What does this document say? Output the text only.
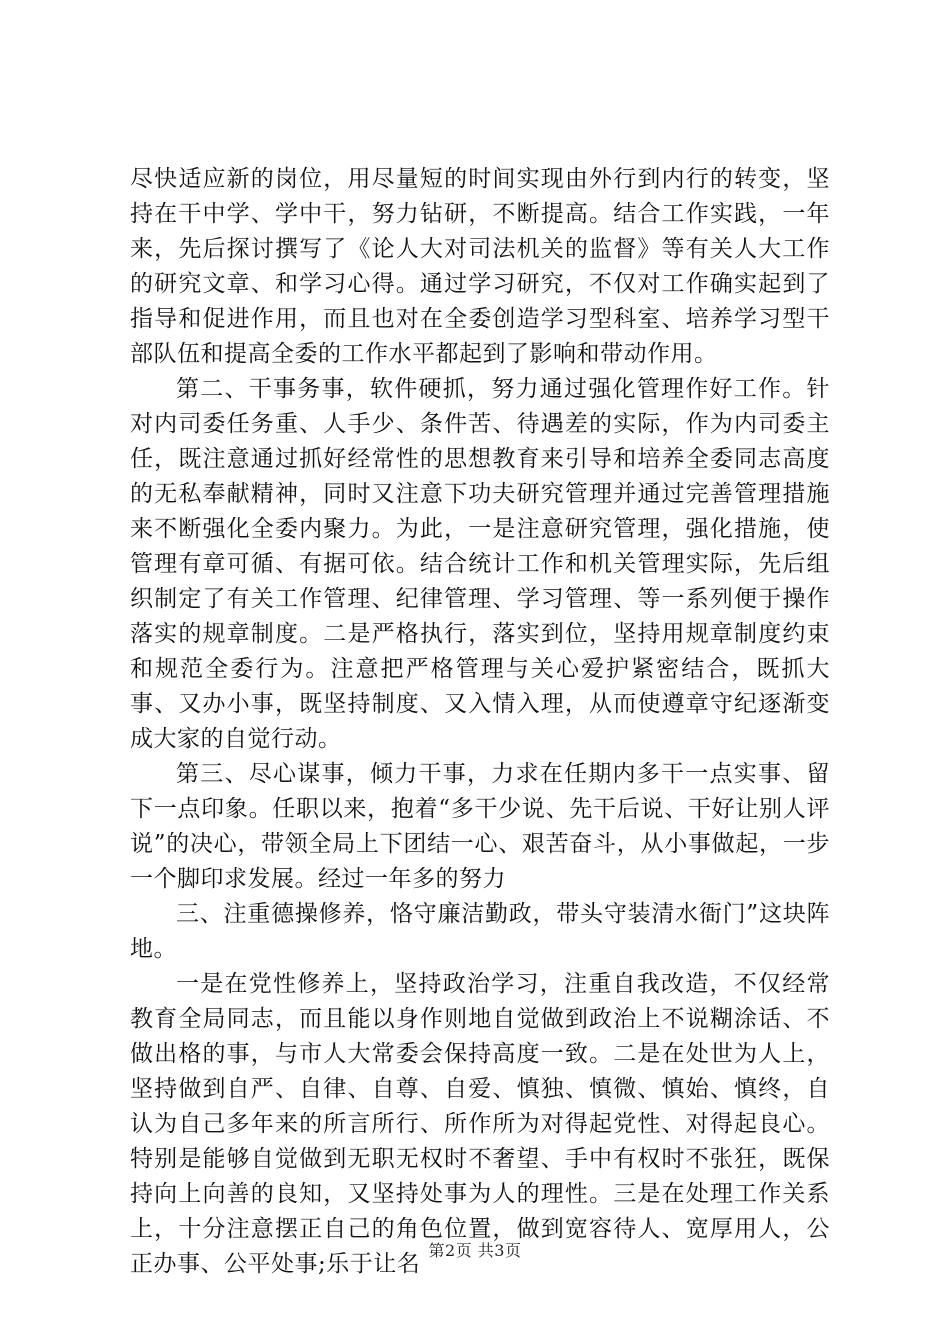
尽快适应新的岗位，用尽量短的时间实现由外行到内行的转变，坚持在干中学、学中干，努力钻研，不断提高。结合工作实践，一年来，先后探讨撰写了《论人大对司法机关的监督》等有关人大工作的研究文章、和学习心得。通过学习研究，不仅对工作确实起到了指导和促进作用，而且也对在全委创造学习型科室、培养学习型干部队伍和提高全委的工作水平都起到了影响和带动作用。

第二、干事务事，软件硬抓，努力通过强化管理作好工作。针对内司委任务重、人手少、条件苦、待遇差的实际，作为内司委主任，既注意通过抓好经常性的思想教育来引导和培养全委同志高度的无私奉献精神，同时又注意下功夫研究管理并通过完善管理措施来不断强化全委内聚力。为此，一是注意研究管理，强化措施，使管理有章可循、有据可依。结合统计工作和机关管理实际，先后组织制定了有关工作管理、纪律管理、学习管理、等一系列便于操作落实的规章制度。二是严格执行，落实到位，坚持用规章制度约束和规范全委行为。注意把严格管理与关心爱护紧密结合，既抓大事、又办小事，既坚持制度、又入情入理，从而使遵章守纪逐渐变成大家的自觉行动。

第三、尽心谋事，倾力干事，力求在任期内多干一点实事、留下一点印象。任职以来，抱着“多干少说、先干后说、干好让别人评说”的决心，带领全局上下团结一心、艰苦奋斗，从小事做起，一步一个脚印求发展。经过一年多的努力

三、注重德操修养，恪守廉洁勤政，带头守装清水衙门”这块阵地。

一是在党性修养上，坚持政治学习，注重自我改造，不仅经常教育全局同志，而且能以身作则地自觉做到政治上不说糊涂话、不做出格的事，与市人大常委会保持高度一致。二是在处世为人上，坚持做到自严、自律、自尊、自爱、慎独、慎微、慎始、慎终，自认为自己多年来的所言所行、所作所为对得起党性、对得起良心。特别是能够自觉做到无职无权时不奢望、手中有权时不张狂，既保持向上向善的良知，又坚持处事为人的理性。三是在处理工作关系上，十分注意摆正自己的角色位置，做到宽容待人、宽厚用人，公正办事、公平处事;乐于让名

第2页 共3页
